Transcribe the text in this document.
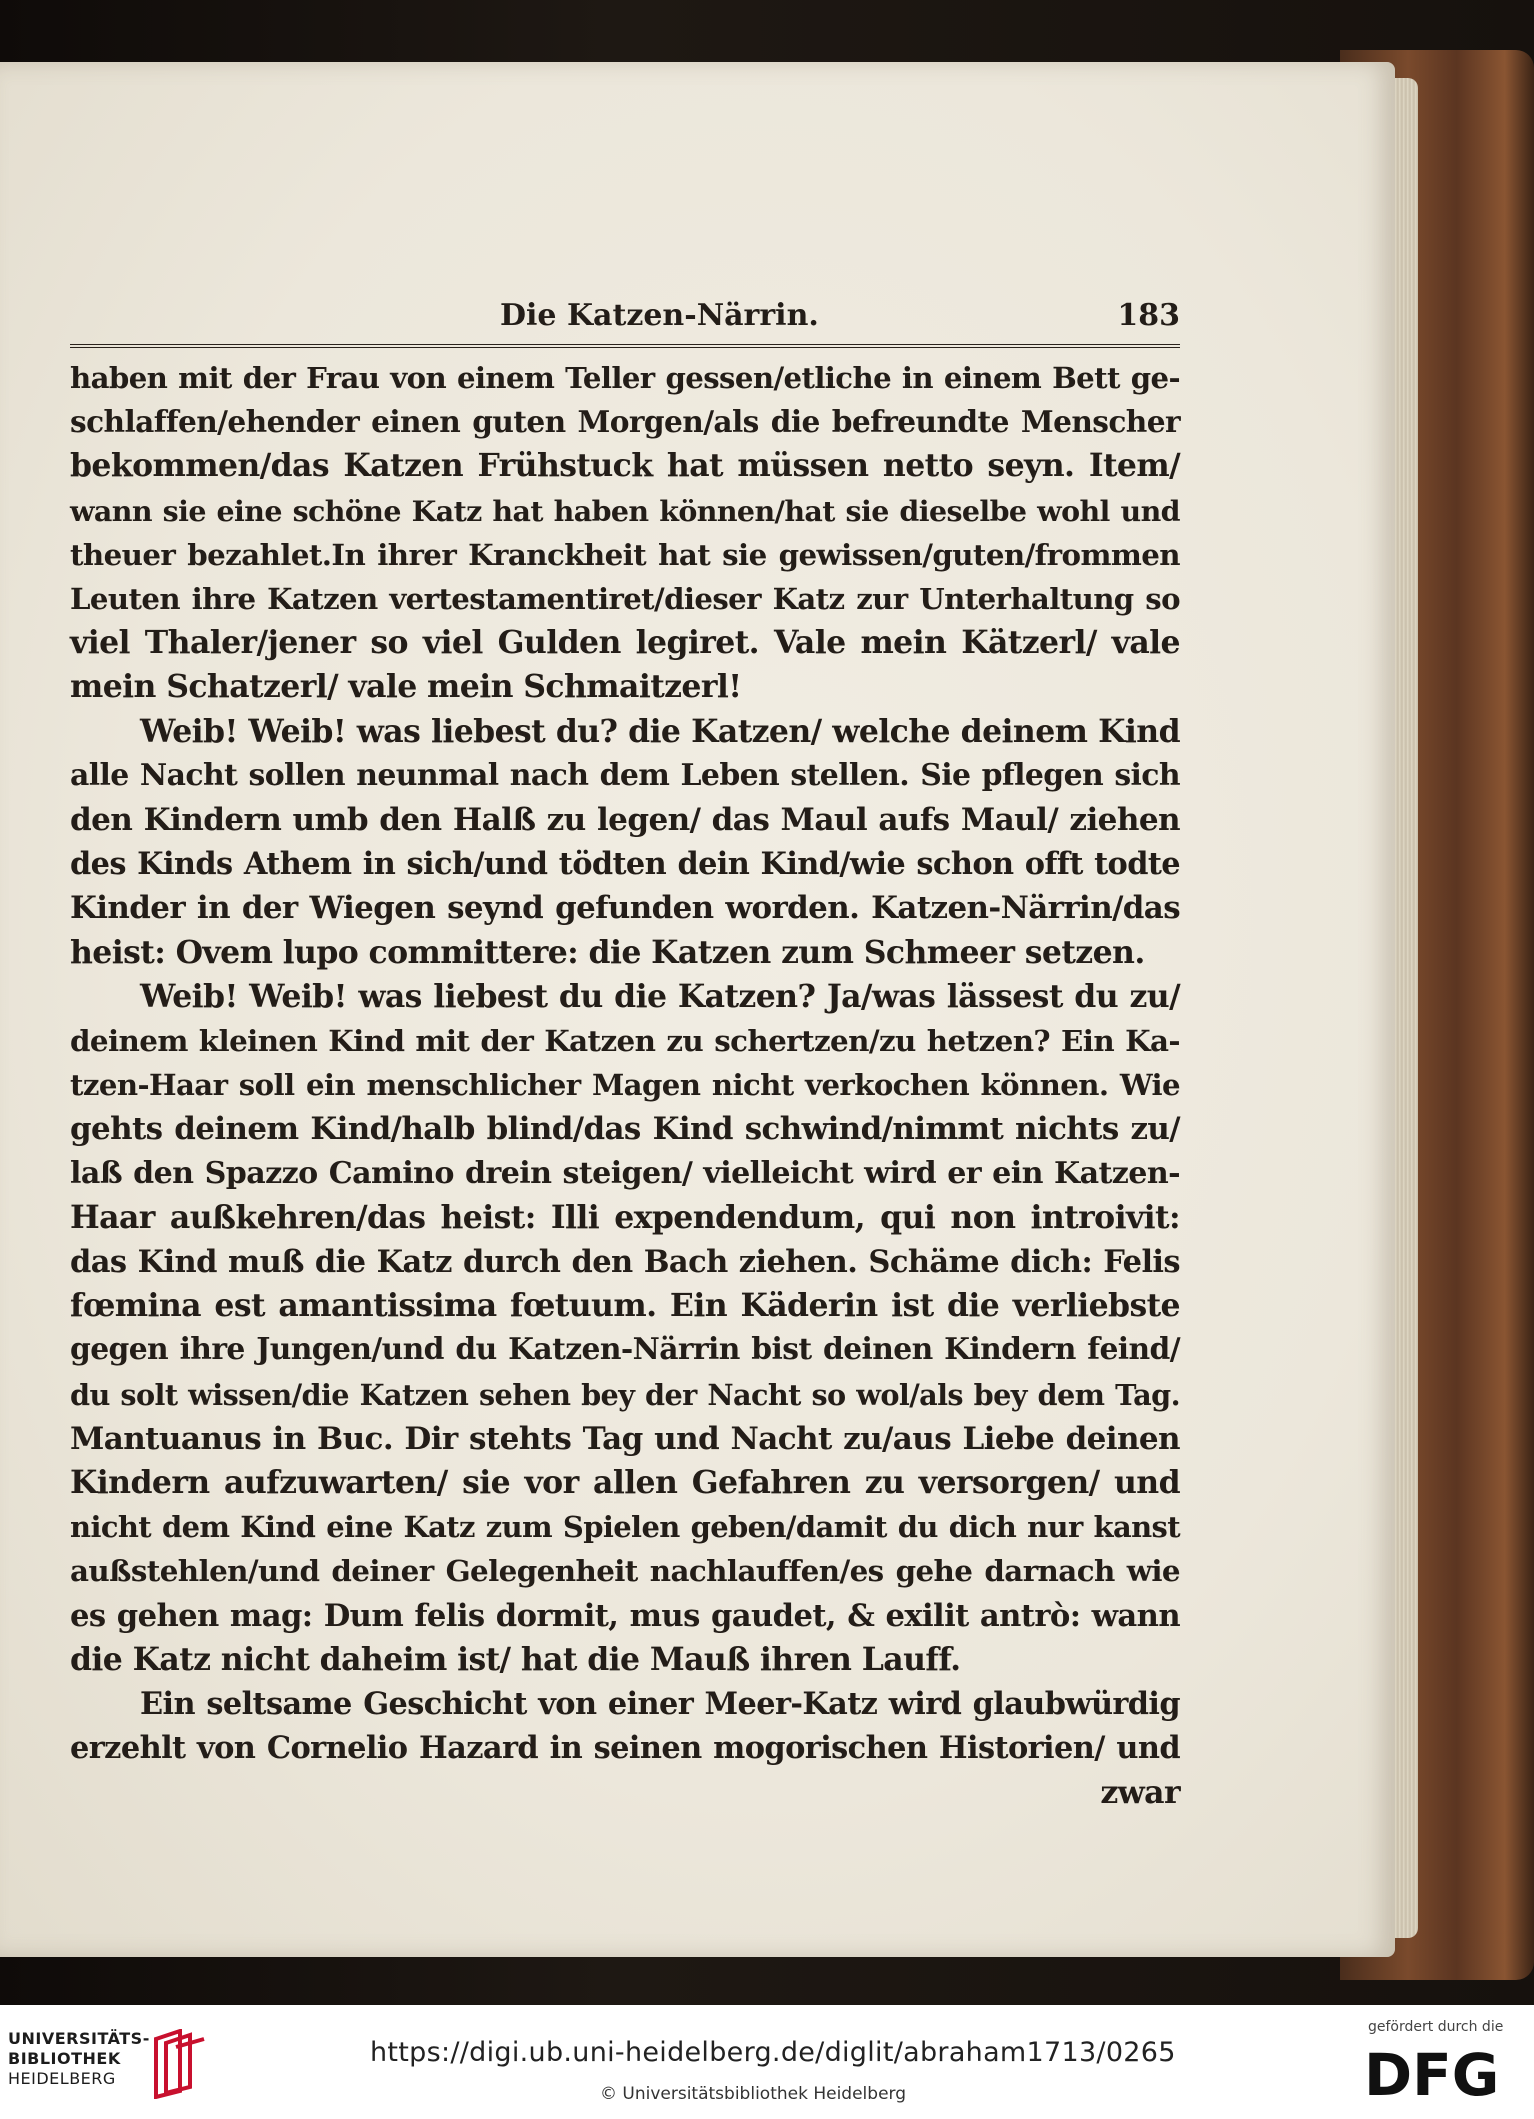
Die Katzen-Närrin.	183
haben mit der Frau von einem Teller gessen/etliche in einem Bett ge-
schlaffen/ehender einen guten Morgen/als die befreundte Menscher
bekommen/das Katzen Frühstuck hat müssen netto seyn. Item/
wann sie eine schöne Katz hat haben können/hat sie dieselbe wohl und
theuer bezahlet.In ihrer Kranckheit hat sie gewissen/guten/frommen
Leuten ihre Katzen vertestamentiret/dieser Katz zur Unterhaltung so
viel Thaler/jener so viel Gulden legiret. Vale mein Kätzerl/ vale
mein Schatzerl/ vale mein Schmaitzerl!
Weib! Weib! was liebest du? die Katzen/ welche deinem Kind
alle Nacht sollen neunmal nach dem Leben stellen. Sie pflegen sich
den Kindern umb den Halß zu legen/ das Maul aufs Maul/ ziehen
des Kinds Athem in sich/und tödten dein Kind/wie schon offt todte
Kinder in der Wiegen seynd gefunden worden. Katzen-Närrin/das
heist: Ovem lupo committere: die Katzen zum Schmeer setzen.
Weib! Weib! was liebest du die Katzen? Ja/was lässest du zu/
deinem kleinen Kind mit der Katzen zu schertzen/zu hetzen? Ein Ka-
tzen-Haar soll ein menschlicher Magen nicht verkochen können. Wie
gehts deinem Kind/halb blind/das Kind schwind/nimmt nichts zu/
laß den Spazzo Camino drein steigen/ vielleicht wird er ein Katzen-
Haar außkehren/das heist: Illi expendendum, qui non introivit:
das Kind muß die Katz durch den Bach ziehen. Schäme dich: Felis
fœmina est amantissima fœtuum. Ein Käderin ist die verliebste
gegen ihre Jungen/und du Katzen-Närrin bist deinen Kindern feind/
du solt wissen/die Katzen sehen bey der Nacht so wol/als bey dem Tag.
Mantuanus in Buc. Dir stehts Tag und Nacht zu/aus Liebe deinen
Kindern aufzuwarten/ sie vor allen Gefahren zu versorgen/ und
nicht dem Kind eine Katz zum Spielen geben/damit du dich nur kanst
außstehlen/und deiner Gelegenheit nachlauffen/es gehe darnach wie
es gehen mag: Dum felis dormit, mus gaudet, & exilit antrò: wann
die Katz nicht daheim ist/ hat die Mauß ihren Lauff.
Ein seltsame Geschicht von einer Meer-Katz wird glaubwürdig
erzehlt von Cornelio Hazard in seinen mogorischen Historien/ und
zwar
UNIVERSITÄTS-
BIBLIOTHEK
HEIDELBERG
https://digi.ub.uni-heidelberg.de/diglit/abraham1713/0265
© Universitätsbibliothek Heidelberg
gefördert durch die
DFG
